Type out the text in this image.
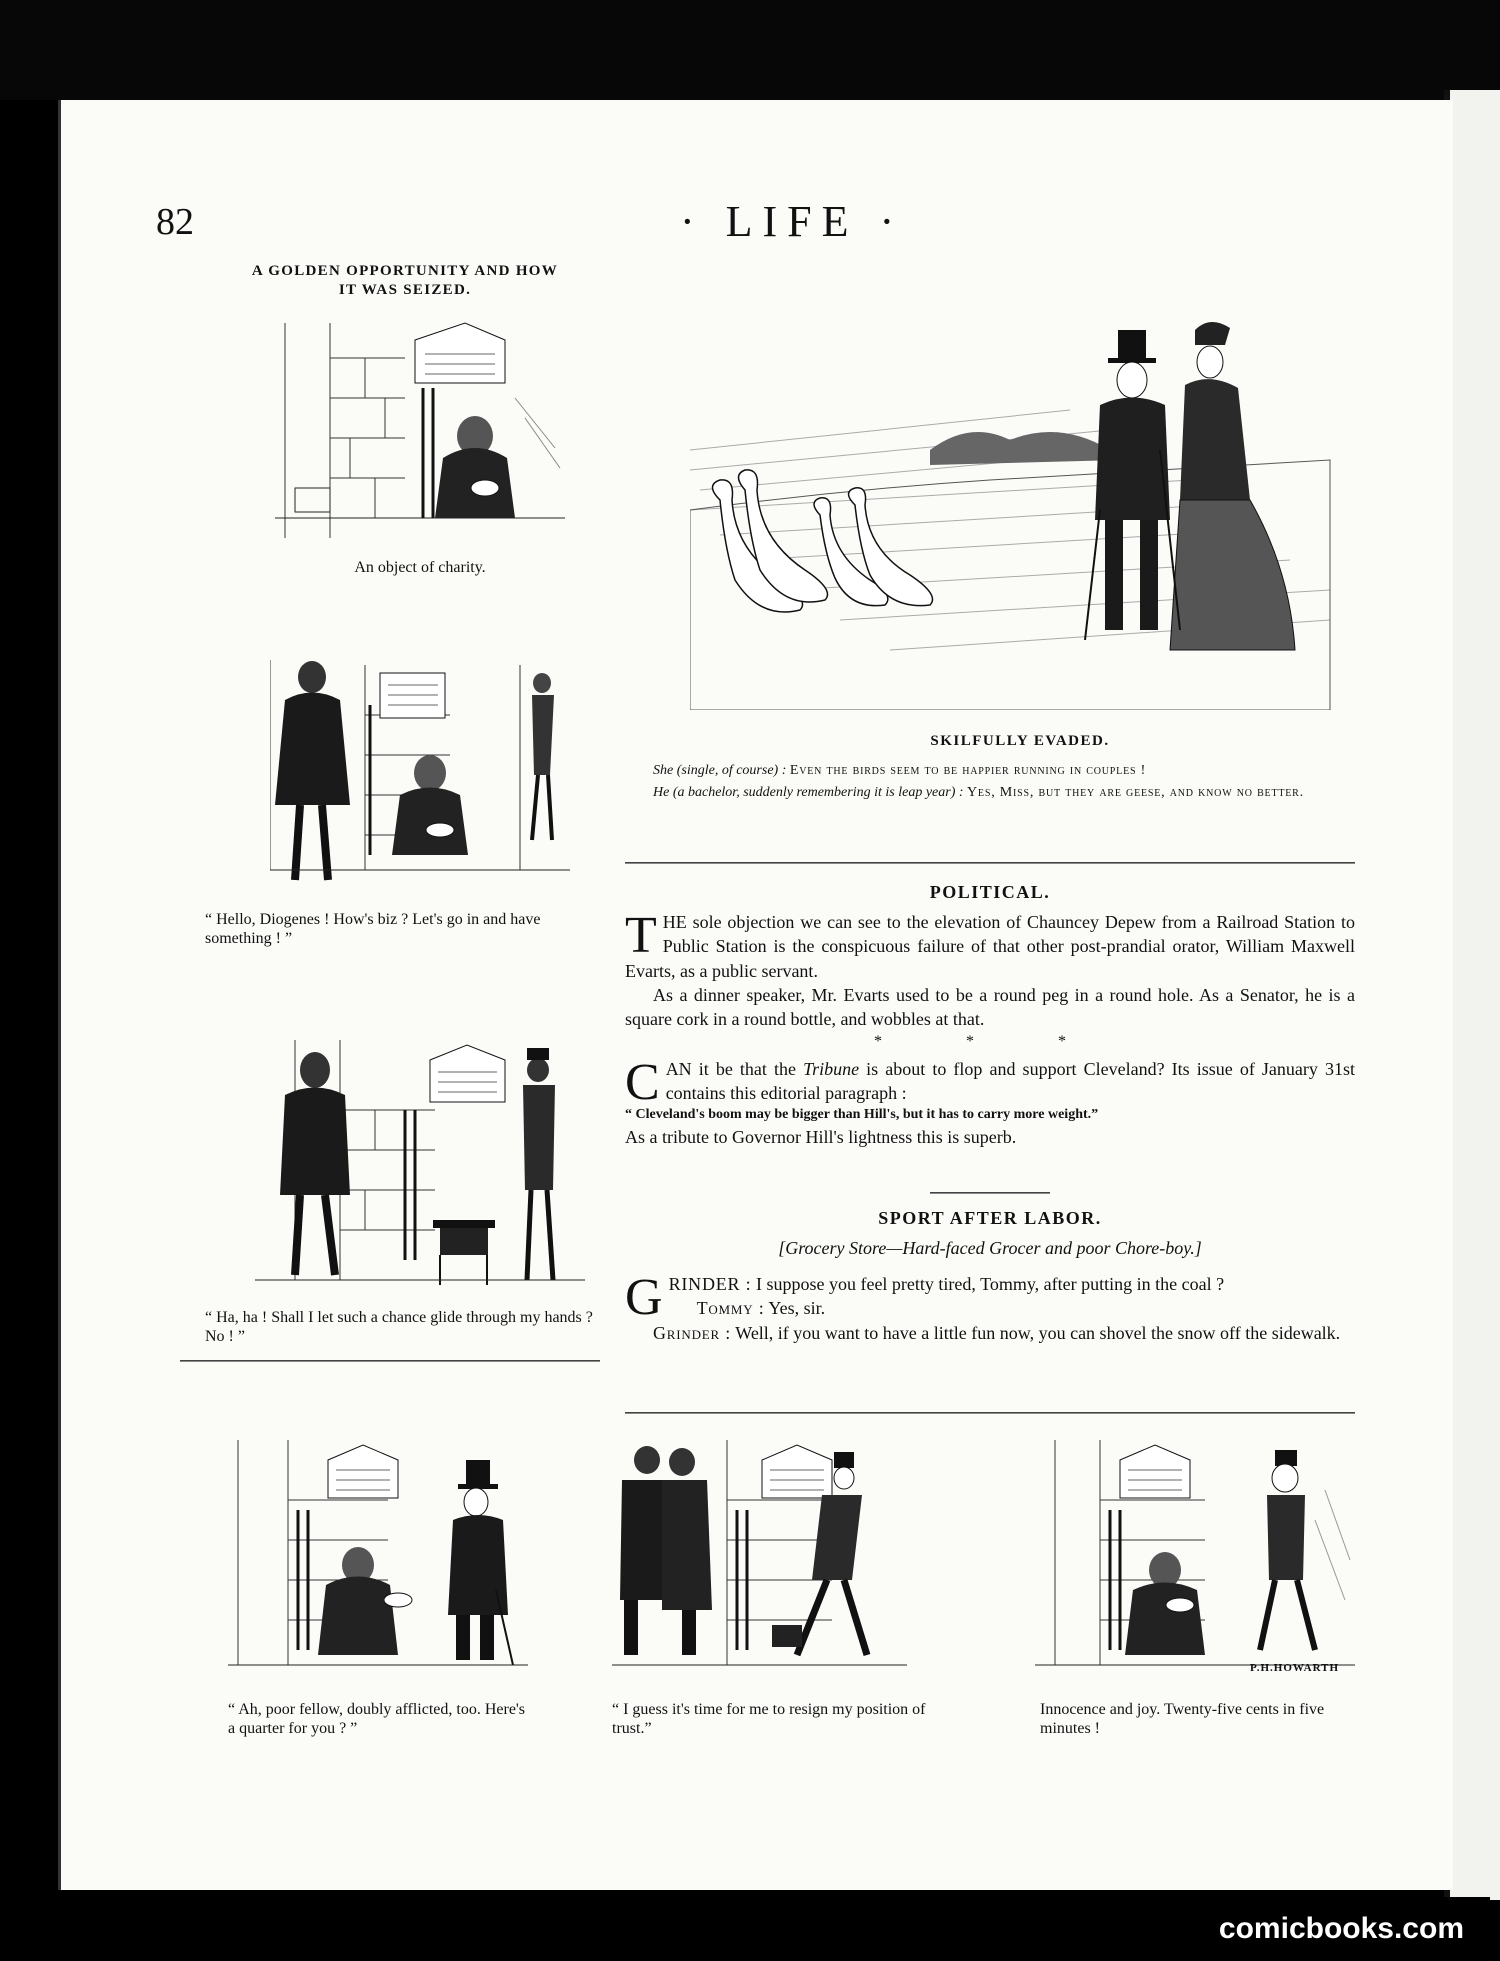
82	· LIFE ·
A GOLDEN OPPORTUNITY AND HOW
IT WAS SEIZED.
An object of charity.
“ Hello, Diogenes ! How's biz ? Let's go in and have something ! ”
“ Ha, ha ! Shall I let such a chance glide through my hands ? No ! ”
SKILFULLY EVADED.

She (single, of course) : Even the birds seem to be happier running in couples !

He (a bachelor, suddenly remembering it is leap year) : Yes, Miss, but they are geese, and know no better.

POLITICAL.

THE sole objection we can see to the elevation of Chauncey Depew from a Railroad Station to Public Station is the conspicuous failure of that other post-prandial orator, William Maxwell Evarts, as a public servant.

As a dinner speaker, Mr. Evarts used to be a round peg in a round hole. As a Senator, he is a square cork in a round bottle, and wobbles at that.

* * *

CAN it be that the Tribune is about to flop and support Cleveland? Its issue of January 31st contains this editorial paragraph :

“ Cleveland's boom may be bigger than Hill's, but it has to carry more weight.”

As a tribute to Governor Hill's lightness this is superb.

SPORT AFTER LABOR.
[Grocery Store—Hard-faced Grocer and poor Chore-boy.]

GRINDER : I suppose you feel pretty tired, Tommy, after putting in the coal ?

Tommy : Yes, sir.

Grinder : Well, if you want to have a little fun now, you can shovel the snow off the sidewalk.

“ Ah, poor fellow, doubly afflicted, too. Here's a quarter for you ? ”
“ I guess it's time for me to resign my position of trust.”
P.H.HOWARTH
Innocence and joy. Twenty-five cents in five minutes !
comicbooks.com
